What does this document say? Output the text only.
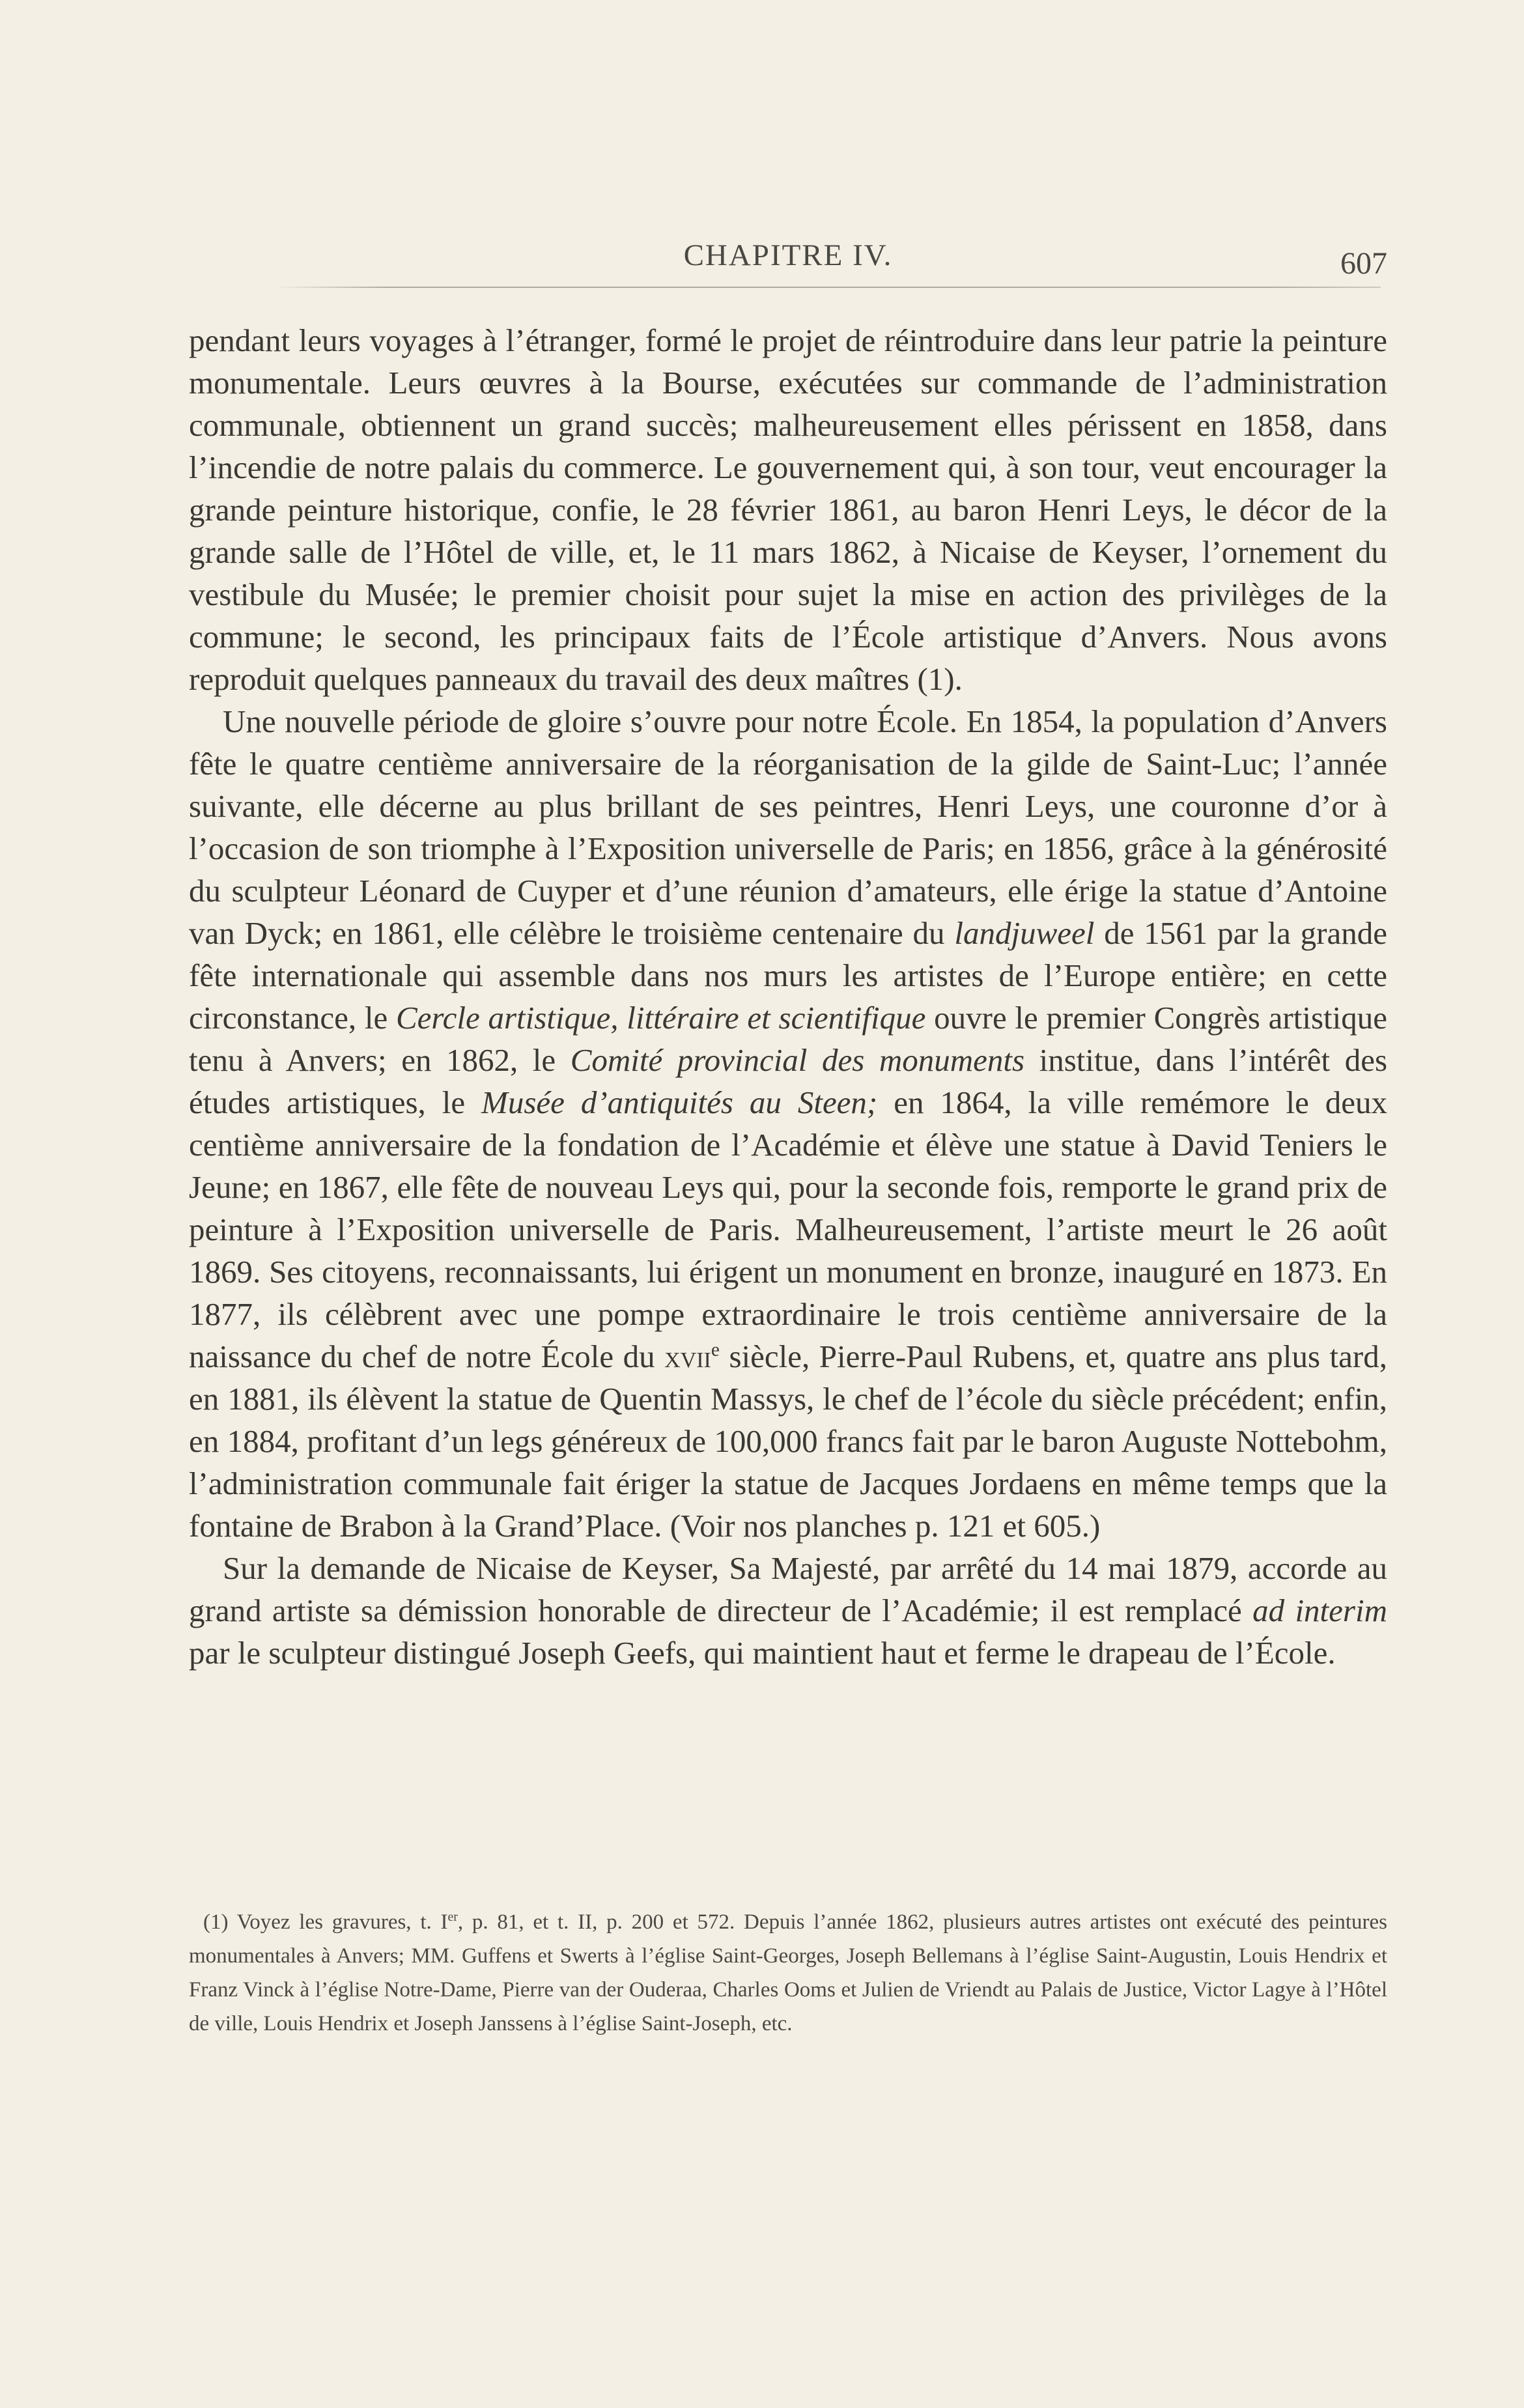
CHAPITRE IV.	607

pendant leurs voyages à l’étranger, formé le projet de réintroduire dans leur patrie la peinture monumentale. Leurs œuvres à la Bourse, exécutées sur commande de l’administration communale, obtiennent un grand succès; malheureusement elles périssent en 1858, dans l’incendie de notre palais du commerce. Le gouvernement qui, à son tour, veut encourager la grande peinture historique, confie, le 28 février 1861, au baron Henri Leys, le décor de la grande salle de l’Hôtel de ville, et, le 11 mars 1862, à Nicaise de Keyser, l’ornement du vestibule du Musée; le premier choisit pour sujet la mise en action des privilèges de la commune; le second, les principaux faits de l’École artistique d’Anvers. Nous avons reproduit quelques panneaux du travail des deux maîtres (1).

Une nouvelle période de gloire s’ouvre pour notre École. En 1854, la population d’Anvers fête le quatre centième anniversaire de la réorganisation de la gilde de Saint-Luc; l’année suivante, elle décerne au plus brillant de ses peintres, Henri Leys, une couronne d’or à l’occasion de son triomphe à l’Exposition universelle de Paris; en 1856, grâce à la générosité du sculpteur Léonard de Cuyper et d’une réunion d’amateurs, elle érige la statue d’Antoine van Dyck; en 1861, elle célèbre le troisième centenaire du landjuweel de 1561 par la grande fête internationale qui assemble dans nos murs les artistes de l’Europe entière; en cette circonstance, le Cercle artistique, littéraire et scientifique ouvre le premier Congrès artistique tenu à Anvers; en 1862, le Comité provincial des monuments institue, dans l’intérêt des études artistiques, le Musée d’antiquités au Steen; en 1864, la ville remémore le deux centième anniversaire de la fondation de l’Académie et élève une statue à David Teniers le Jeune; en 1867, elle fête de nouveau Leys qui, pour la seconde fois, remporte le grand prix de peinture à l’Exposition universelle de Paris. Malheureusement, l’artiste meurt le 26 août 1869. Ses citoyens, reconnaissants, lui érigent un monument en bronze, inauguré en 1873. En 1877, ils célèbrent avec une pompe extraordinaire le trois centième anniversaire de la naissance du chef de notre École du xvii$^e$ siècle, Pierre-Paul Rubens, et, quatre ans plus tard, en 1881, ils élèvent la statue de Quentin Massys, le chef de l’école du siècle précédent; enfin, en 1884, profitant d’un legs généreux de 100,000 francs fait par le baron Auguste Nottebohm, l’administration communale fait ériger la statue de Jacques Jordaens en même temps que la fontaine de Brabon à la Grand’Place. (Voir nos planches p. 121 et 605.)

Sur la demande de Nicaise de Keyser, Sa Majesté, par arrêté du 14 mai 1879, accorde au grand artiste sa démission honorable de directeur de l’Académie; il est remplacé ad interim par le sculpteur distingué Joseph Geefs, qui maintient haut et ferme le drapeau de l’École.

(1) Voyez les gravures, t. Ier, p. 81, et t. II, p. 200 et 572. Depuis l’année 1862, plusieurs autres artistes ont exécuté des peintures monumentales à Anvers; MM. Guffens et Swerts à l’église Saint-Georges, Joseph Bellemans à l’église Saint-Augustin, Louis Hendrix et Franz Vinck à l’église Notre-Dame, Pierre van der Ouderaa, Charles Ooms et Julien de Vriendt au Palais de Justice, Victor Lagye à l’Hôtel de ville, Louis Hendrix et Joseph Janssens à l’église Saint-Joseph, etc.
